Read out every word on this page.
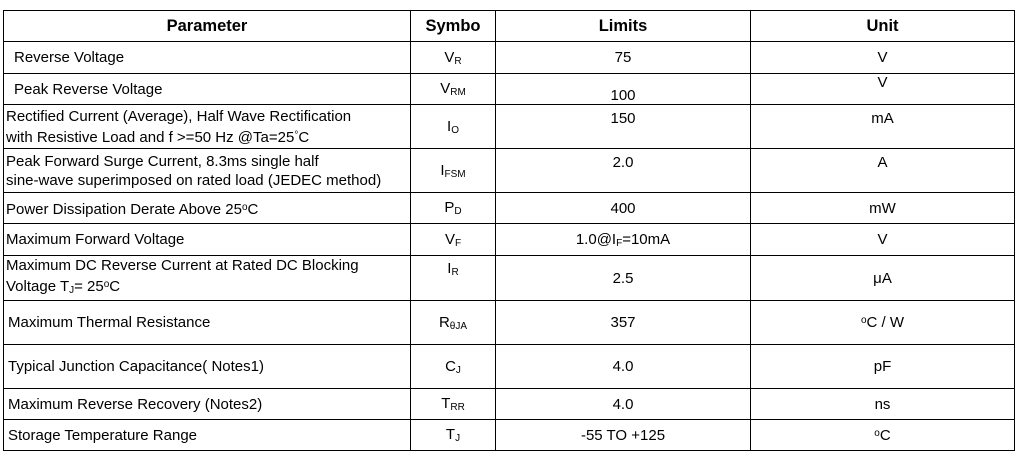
Parameter	Symbo	Limits	Unit
Reverse Voltage	$V_R$	75	V
Peak Reverse Voltage	$V_{RM}$	100	V

Rectified Current (Average), Half Wave Rectification
with Resistive Load and f >=50 Hz @Ta=25°C	$I_O$	150	mA

Peak Forward Surge Current, 8.3ms single half
sine-wave superimposed on rated load (JEDEC method)	$I_{FSM}$	2.0	A
Power Dissipation Derate Above 25$^o$C	$P_D$	400	mW
Maximum Forward Voltage	$V_F$	$1.0@I_F=10mA$	V

Maximum DC Reverse Current at Rated DC Blocking
Voltage $T_J= 25^oC$	$I_R$	2.5	μA
Maximum Thermal Resistance	$R_{\theta JA}$	357	$^o$C / W
Typical Junction Capacitance( Notes1)	$C_J$	4.0	pF
Maximum Reverse Recovery (Notes2)	$T_{RR}$	4.0	ns
Storage Temperature Range	$T_J$	-55 TO +125	$^o$C
